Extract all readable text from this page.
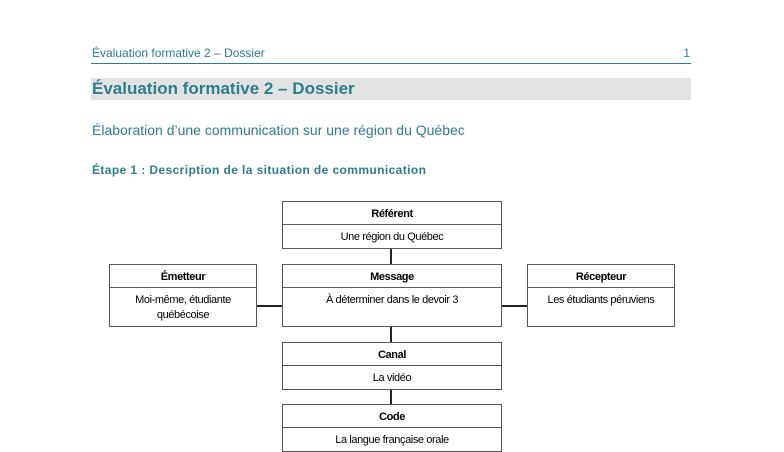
Évaluation formative 2 – Dossier	1
Évaluation formative 2 – Dossier
Élaboration d’une communication sur une région du Québec
Étape 1 : Description de la situation de communication
Référent
Une région du Québec
Émetteur
Moi-même, étudiante québécoise
Message
À déterminer dans le devoir 3
Récepteur
Les étudiants péruviens
Canal
La vidéo
Code
La langue française orale
